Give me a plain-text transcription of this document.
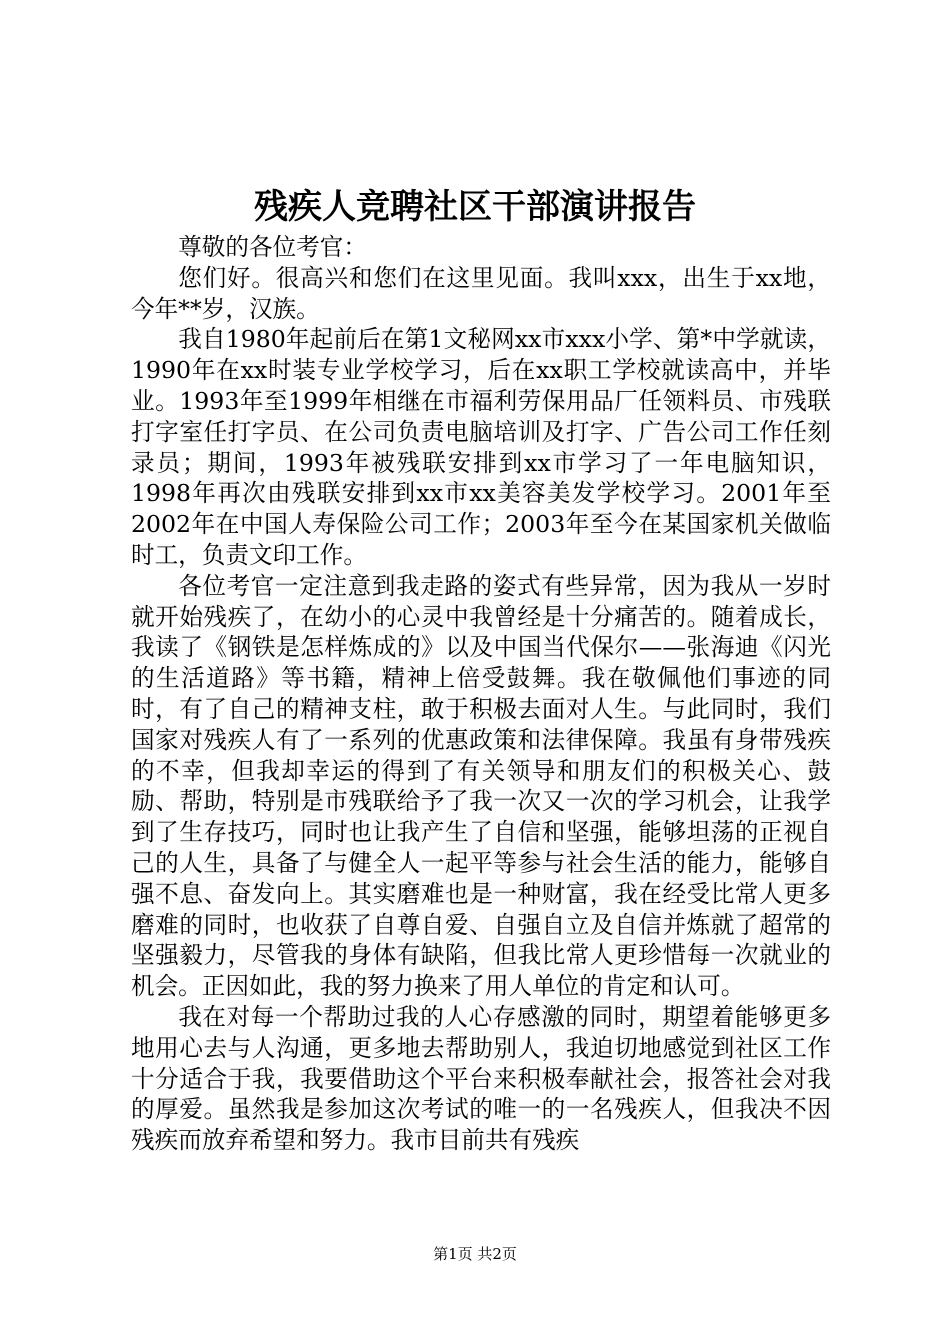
残疾人竞聘社区干部演讲报告

尊敬的各位考官：

您们好。很高兴和您们在这里见面。我叫xxx，出生于xx地，今年**岁，汉族。

我自1980年起前后在第1文秘网xx市xxx小学、第*中学就读，1990年在xx时装专业学校学习，后在xx职工学校就读高中，并毕业。1993年至1999年相继在市福利劳保用品厂任领料员、市残联打字室任打字员、在公司负责电脑培训及打字、广告公司工作任刻录员；期间，1993年被残联安排到xx市学习了一年电脑知识，1998年再次由残联安排到xx市xx美容美发学校学习。2001年至2002年在中国人寿保险公司工作；2003年至今在某国家机关做临时工，负责文印工作。

各位考官一定注意到我走路的姿式有些异常，因为我从一岁时就开始残疾了，在幼小的心灵中我曾经是十分痛苦的。随着成长，我读了《钢铁是怎样炼成的》以及中国当代保尔——张海迪《闪光的生活道路》等书籍，精神上倍受鼓舞。我在敬佩他们事迹的同时，有了自己的精神支柱，敢于积极去面对人生。与此同时，我们国家对残疾人有了一系列的优惠政策和法律保障。我虽有身带残疾的不幸，但我却幸运的得到了有关领导和朋友们的积极关心、鼓励、帮助，特别是市残联给予了我一次又一次的学习机会，让我学到了生存技巧，同时也让我产生了自信和坚强，能够坦荡的正视自己的人生，具备了与健全人一起平等参与社会生活的能力，能够自强不息、奋发向上。其实磨难也是一种财富，我在经受比常人更多磨难的同时，也收获了自尊自爱、自强自立及自信并炼就了超常的坚强毅力，尽管我的身体有缺陷，但我比常人更珍惜每一次就业的机会。正因如此，我的努力换来了用人单位的肯定和认可。

我在对每一个帮助过我的人心存感激的同时，期望着能够更多地用心去与人沟通，更多地去帮助别人，我迫切地感觉到社区工作十分适合于我，我要借助这个平台来积极奉献社会，报答社会对我的厚爱。虽然我是参加这次考试的唯一的一名残疾人，但我决不因残疾而放弃希望和努力。我市目前共有残疾

第1页 共2页
